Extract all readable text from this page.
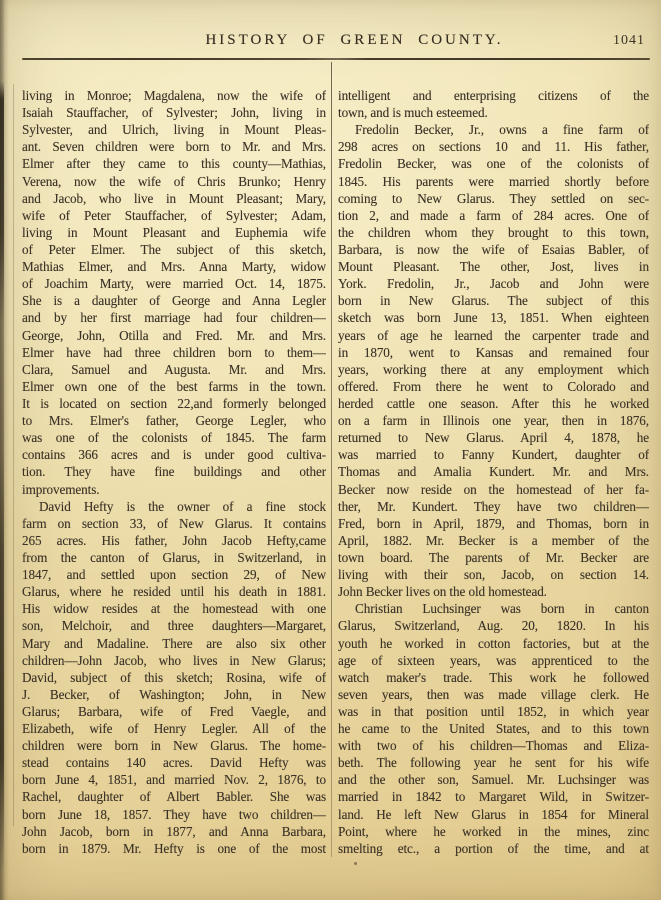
HISTORY OF GREEN COUNTY.	1041
living in Monroe; Magdalena, now the wife of
Isaiah Stauffacher, of Sylvester; John, living in
Sylvester, and Ulrich, living in Mount Pleas-
ant. Seven children were born to Mr. and Mrs.
Elmer after they came to this county—Mathias,
Verena, now the wife of Chris Brunko; Henry
and Jacob, who live in Mount Pleasant; Mary,
wife of Peter Stauffacher, of Sylvester; Adam,
living in Mount Pleasant and Euphemia wife
of Peter Elmer. The subject of this sketch,
Mathias Elmer, and Mrs. Anna Marty, widow
of Joachim Marty, were married Oct. 14, 1875.
She is a daughter of George and Anna Legler
and by her first marriage had four children—
George, John, Otilla and Fred. Mr. and Mrs.
Elmer have had three children born to them—
Clara, Samuel and Augusta. Mr. and Mrs.
Elmer own one of the best farms in the town.
It is located on section 22,and formerly belonged
to Mrs. Elmer's father, George Legler, who
was one of the colonists of 1845. The farm
contains 366 acres and is under good cultiva-
tion. They have fine buildings and other
improvements.
David Hefty is the owner of a fine stock
farm on section 33, of New Glarus. It contains
265 acres. His father, John Jacob Hefty,came
from the canton of Glarus, in Switzerland, in
1847, and settled upon section 29, of New
Glarus, where he resided until his death in 1881.
His widow resides at the homestead with one
son, Melchoir, and three daughters—Margaret,
Mary and Madaline. There are also six other
children—John Jacob, who lives in New Glarus;
David, subject of this sketch; Rosina, wife of
J. Becker, of Washington; John, in New
Glarus; Barbara, wife of Fred Vaegle, and
Elizabeth, wife of Henry Legler. All of the
children were born in New Glarus. The home-
stead contains 140 acres. David Hefty was
born June 4, 1851, and married Nov. 2, 1876, to
Rachel, daughter of Albert Babler. She was
born June 18, 1857. They have two children—
John Jacob, born in 1877, and Anna Barbara,
born in 1879. Mr. Hefty is one of the most
intelligent and enterprising citizens of the
town, and is much esteemed.
Fredolin Becker, Jr., owns a fine farm of
298 acres on sections 10 and 11. His father,
Fredolin Becker, was one of the colonists of
1845. His parents were married shortly before
coming to New Glarus. They settled on sec-
tion 2, and made a farm of 284 acres. One of
the children whom they brought to this town,
Barbara, is now the wife of Esaias Babler, of
Mount Pleasant. The other, Jost, lives in
York. Fredolin, Jr., Jacob and John were
born in New Glarus. The subject of this
sketch was born June 13, 1851. When eighteen
years of age he learned the carpenter trade and
in 1870, went to Kansas and remained four
years, working there at any employment which
offered. From there he went to Colorado and
herded cattle one season. After this he worked
on a farm in Illinois one year, then in 1876,
returned to New Glarus. April 4, 1878, he
was married to Fanny Kundert, daughter of
Thomas and Amalia Kundert. Mr. and Mrs.
Becker now reside on the homestead of her fa-
ther, Mr. Kundert. They have two children—
Fred, born in April, 1879, and Thomas, born in
April, 1882. Mr. Becker is a member of the
town board. The parents of Mr. Becker are
living with their son, Jacob, on section 14.
John Becker lives on the old homestead.
Christian Luchsinger was born in canton
Glarus, Switzerland, Aug. 20, 1820. In his
youth he worked in cotton factories, but at the
age of sixteen years, was apprenticed to the
watch maker's trade. This work he followed
seven years, then was made village clerk. He
was in that position until 1852, in which year
he came to the United States, and to this town
with two of his children—Thomas and Eliza-
beth. The following year he sent for his wife
and the other son, Samuel. Mr. Luchsinger was
married in 1842 to Margaret Wild, in Switzer-
land. He left New Glarus in 1854 for Mineral
Point, where he worked in the mines, zinc
smelting etc., a portion of the time, and at
